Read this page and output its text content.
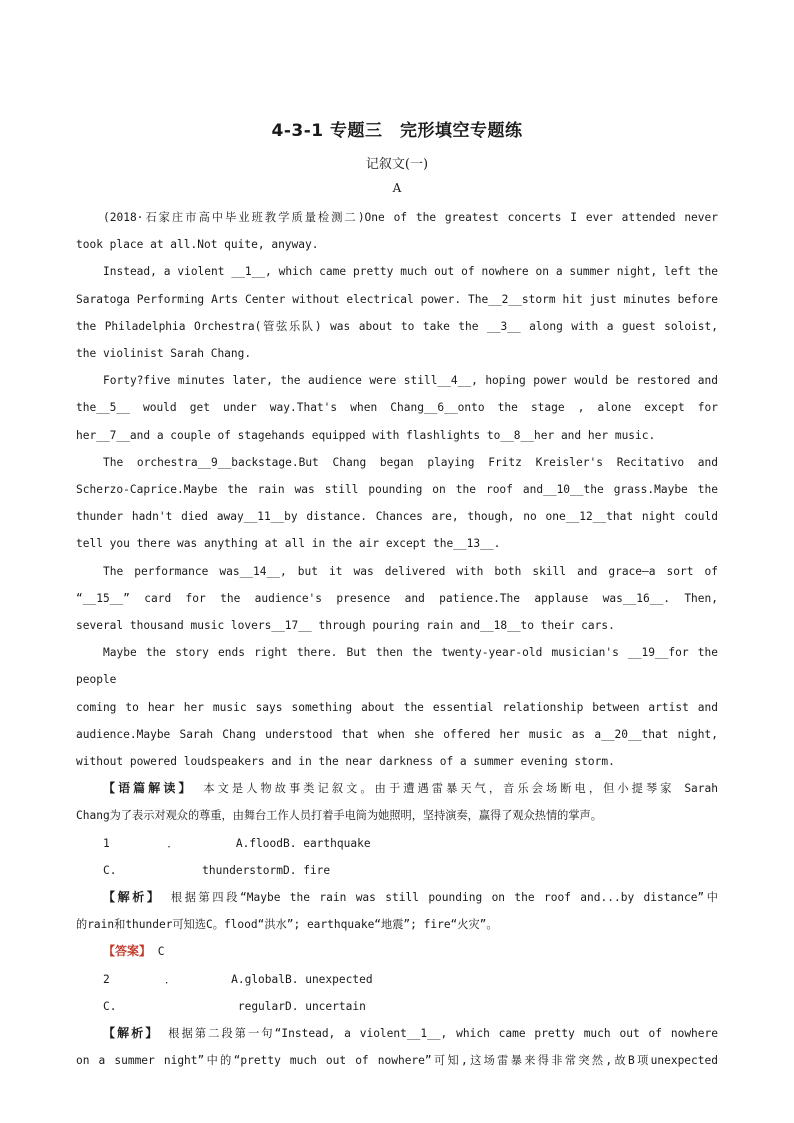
4-3-1 专题三　完形填空专题练
记叙文(一)
A

(2018·石家庄市高中毕业班教学质量检测二)One of the greatest concerts I ever attended never

took place at all.Not quite, anyway.

Instead, a violent __1__, which came pretty much out of nowhere on a summer night, left the

Saratoga Performing Arts Center without electrical power. The__2__storm hit just minutes before

the Philadelphia Orchestra(管弦乐队) was about to take the __3__ along with a guest soloist,

the violinist Sarah Chang.

Forty?five minutes later, the audience were still__4__, hoping power would be restored and

the__5__ would get under way.That's when Chang__6__onto the stage , alone except for

her__7__and a couple of stagehands equipped with flashlights to__8__her and her music.

The orchestra__9__backstage.But Chang began playing Fritz Kreisler's Recitativo and

Scherzo-Caprice.Maybe the rain was still pounding on the roof and__10__the grass.Maybe the

thunder hadn't died away__11__by distance. Chances are, though, no one__12__that night could

tell you there was anything at all in the air except the__13__.

The performance was__14__, but it was delivered with both skill and grace—a sort of

“__15__” card for the audience's presence and patience.The applause was__16__. Then,

several thousand music lovers__17__ through pouring rain and__18__to their cars.

Maybe the story ends right there. But then the twenty-year-old musician's __19__for the people

coming to hear her music says something about the essential relationship between artist and

audience.Maybe Sarah Chang understood that when she offered her music as a__20__that night,

without powered loudspeakers and in the near darkness of a summer evening storm.

【语篇解读】 本文是人物故事类记叙文。由于遭遇雷暴天气，音乐会场断电，但小提琴家 Sarah

Chang为了表示对观众的尊重，由舞台工作人员打着手电筒为她照明，坚持演奏，赢得了观众热情的掌声。

1．A.flood B. earthquake

C. thunderstorm D. fire

【解析】 根据第四段“Maybe the rain was still pounding on the roof and...by distance”中

的rain和thunder可知选C。flood“洪水”; earthquake“地震”; fire“火灾”。

【答案】 C

2．A.global B. unexpected

C. regular D. uncertain

【解析】 根据第二段第一句“Instead, a violent__1__, which came pretty much out of nowhere

on a summer night”中的“pretty much out of nowhere”可知,这场雷暴来得非常突然,故B项unexpected
